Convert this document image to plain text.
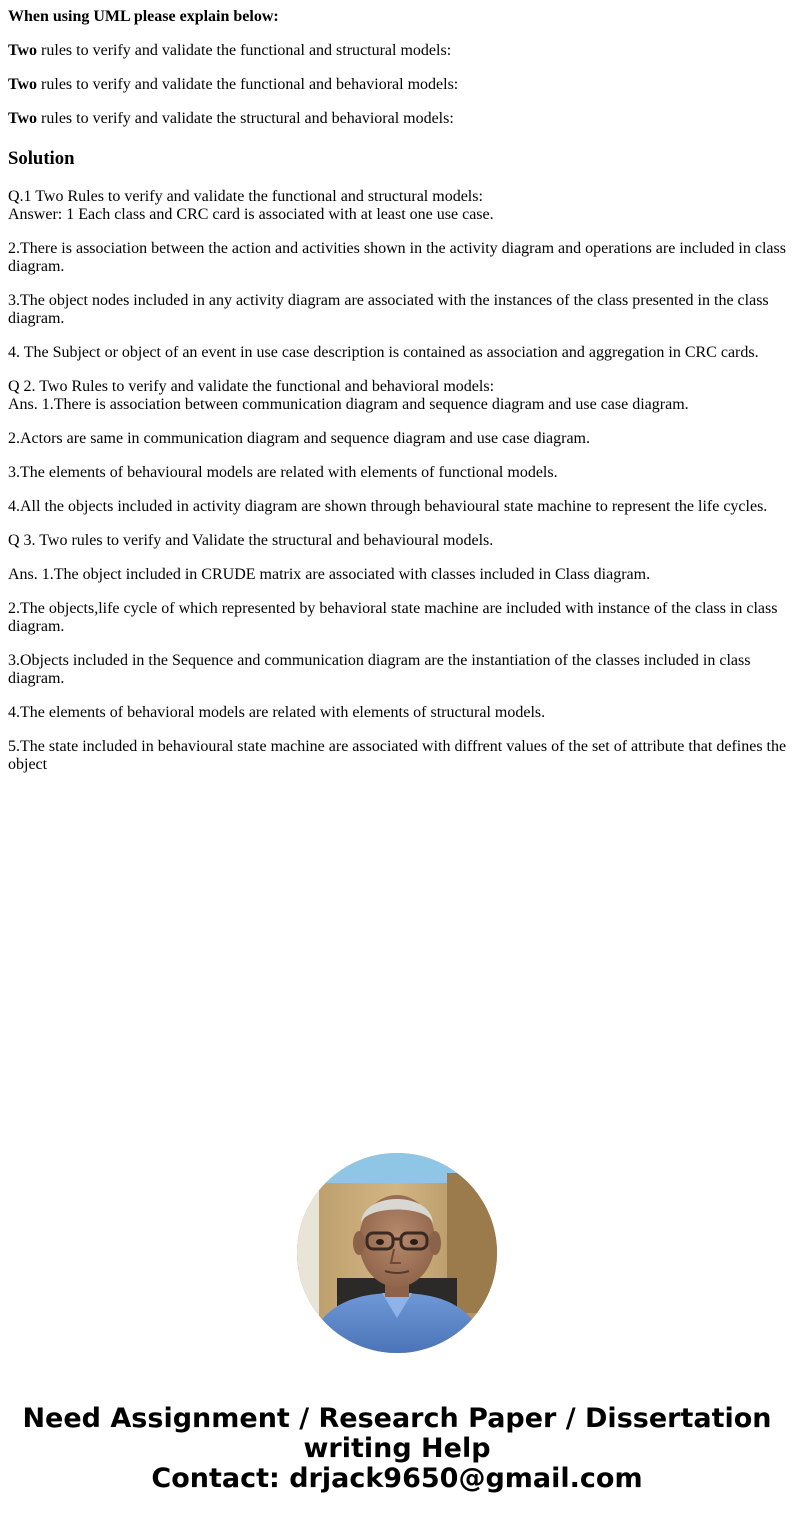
When using UML please explain below:

Two rules to verify and validate the functional and structural models:

Two rules to verify and validate the functional and behavioral models:

Two rules to verify and validate the structural and behavioral models:

Solution

Q.1 Two Rules to verify and validate the functional and structural models:
Answer: 1 Each class and CRC card is associated with at least one use case.

2.There is association between the action and activities shown in the activity diagram and operations are included in class diagram.

3.The object nodes included in any activity diagram are associated with the instances of the class presented in the class diagram.

4. The Subject or object of an event in use case description is contained as association and aggregation in CRC cards.

Q 2. Two Rules to verify and validate the functional and behavioral models:
Ans. 1.There is association between communication diagram and sequence diagram and use case diagram.

2.Actors are same in communication diagram and sequence diagram and use case diagram.

3.The elements of behavioural models are related with elements of functional models.

4.All the objects included in activity diagram are shown through behavioural state machine to represent the life cycles.

Q 3. Two rules to verify and Validate the structural and behavioural models.

Ans. 1.The object included in CRUDE matrix are associated with classes included in Class diagram.

2.The objects,life cycle of which represented by behavioral state machine are included with instance of the class in class diagram.

3.Objects included in the Sequence and communication diagram are the instantiation of the classes included in class diagram.

4.The elements of behavioral models are related with elements of structural models.

5.The state included in behavioural state machine are associated with diffrent values of the set of attribute that defines the object

Need Assignment / Research Paper / Dissertation
writing Help
Contact: drjack9650@gmail.com
